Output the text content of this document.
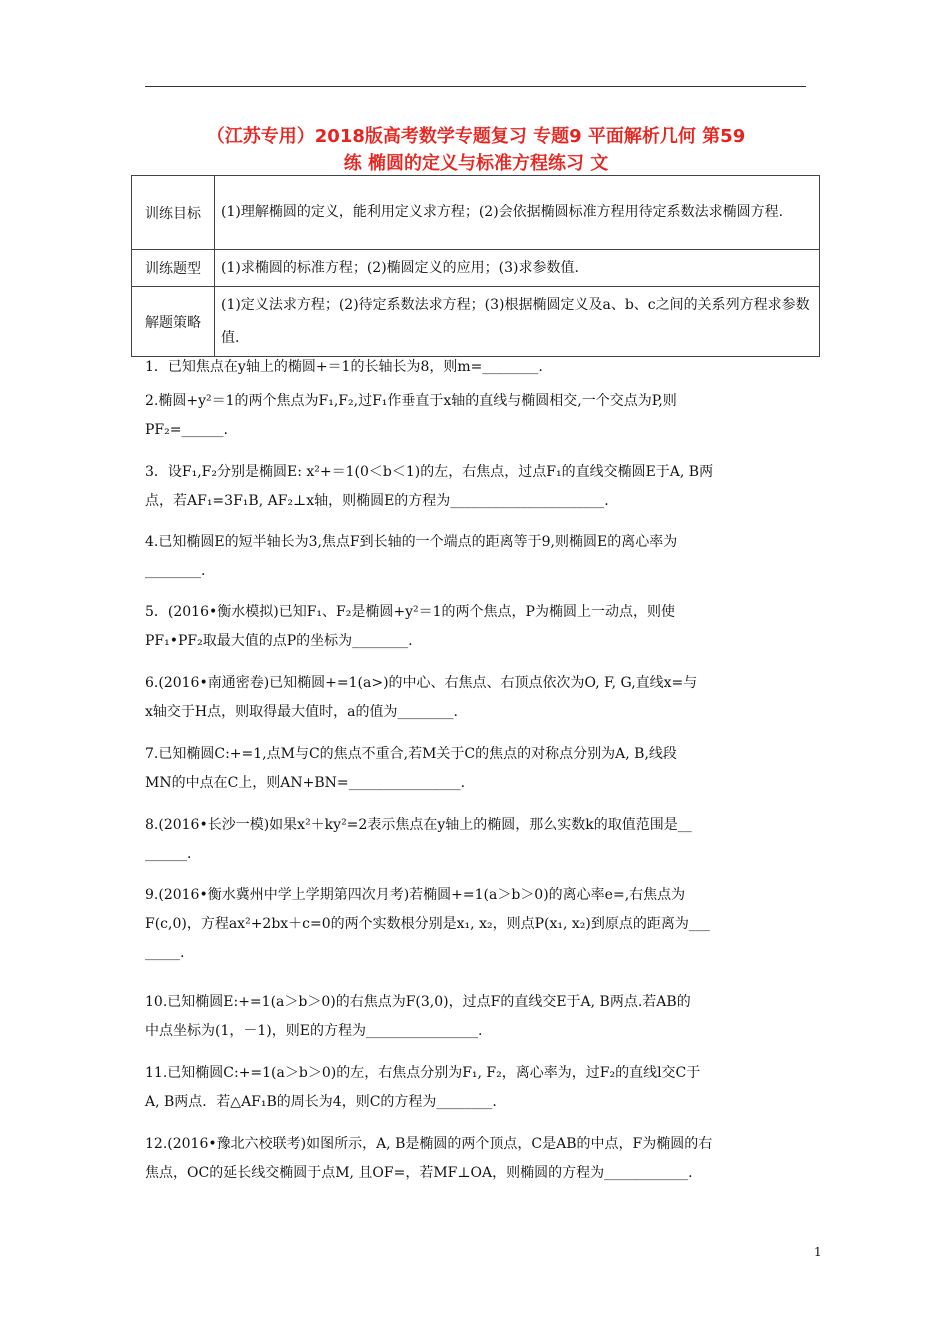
（江苏专用）2018版高考数学专题复习 专题9 平面解析几何 第59
练 椭圆的定义与标准方程练习 文
训练目标	(1)理解椭圆的定义，能利用定义求方程；(2)会依据椭圆标准方程用待定系数法求椭圆方程.
训练题型	(1)求椭圆的标准方程；(2)椭圆定义的应用；(3)求参数值.
解题策略	(1)定义法求方程；(2)待定系数法求方程；(3)根据椭圆定义及a、b、c之间的关系列方程求参数值.
1．已知焦点在y轴上的椭圆+＝1的长轴长为8，则m=________.
2.椭圆+y²＝1的两个焦点为F₁,F₂,过F₁作垂直于x轴的直线与椭圆相交,一个交点为P,则
PF₂=______.
3．设F₁,F₂分别是椭圆E: x²+＝1(0＜b＜1)的左，右焦点，过点F₁的直线交椭圆E于A, B两
点，若AF₁=3F₁B, AF₂⊥x轴，则椭圆E的方程为______________________.
4.已知椭圆E的短半轴长为3,焦点F到长轴的一个端点的距离等于9,则椭圆E的离心率为
________.
5．(2016•衡水模拟)已知F₁、F₂是椭圆+y²＝1的两个焦点，P为椭圆上一动点，则使
PF₁•PF₂取最大值的点P的坐标为________.
6.(2016•南通密卷)已知椭圆+=1(a>)的中心、右焦点、右顶点依次为O, F, G,直线x=与
x轴交于H点，则取得最大值时，a的值为________.
7.已知椭圆C:+=1,点M与C的焦点不重合,若M关于C的焦点的对称点分别为A, B,线段
MN的中点在C上，则AN+BN=________________.
8.(2016•长沙一模)如果x²＋ky²=2表示焦点在y轴上的椭圆，那么实数k的取值范围是__
______.
9.(2016•衡水冀州中学上学期第四次月考)若椭圆+=1(a＞b＞0)的离心率e=,右焦点为
F(c,0)，方程ax²+2bx＋c=0的两个实数根分别是x₁, x₂，则点P(x₁, x₂)到原点的距离为___
_____.
10.已知椭圆E:+=1(a＞b＞0)的右焦点为F(3,0)，过点F的直线交E于A, B两点.若AB的
中点坐标为(1，－1)，则E的方程为________________.
11.已知椭圆C:+=1(a＞b＞0)的左，右焦点分别为F₁, F₂，离心率为，过F₂的直线l交C于
A, B两点．若△AF₁B的周长为4，则C的方程为________.
12.(2016•豫北六校联考)如图所示，A, B是椭圆的两个顶点，C是AB的中点，F为椭圆的右
焦点，OC的延长线交椭圆于点M, 且OF=，若MF⊥OA，则椭圆的方程为____________.
1
